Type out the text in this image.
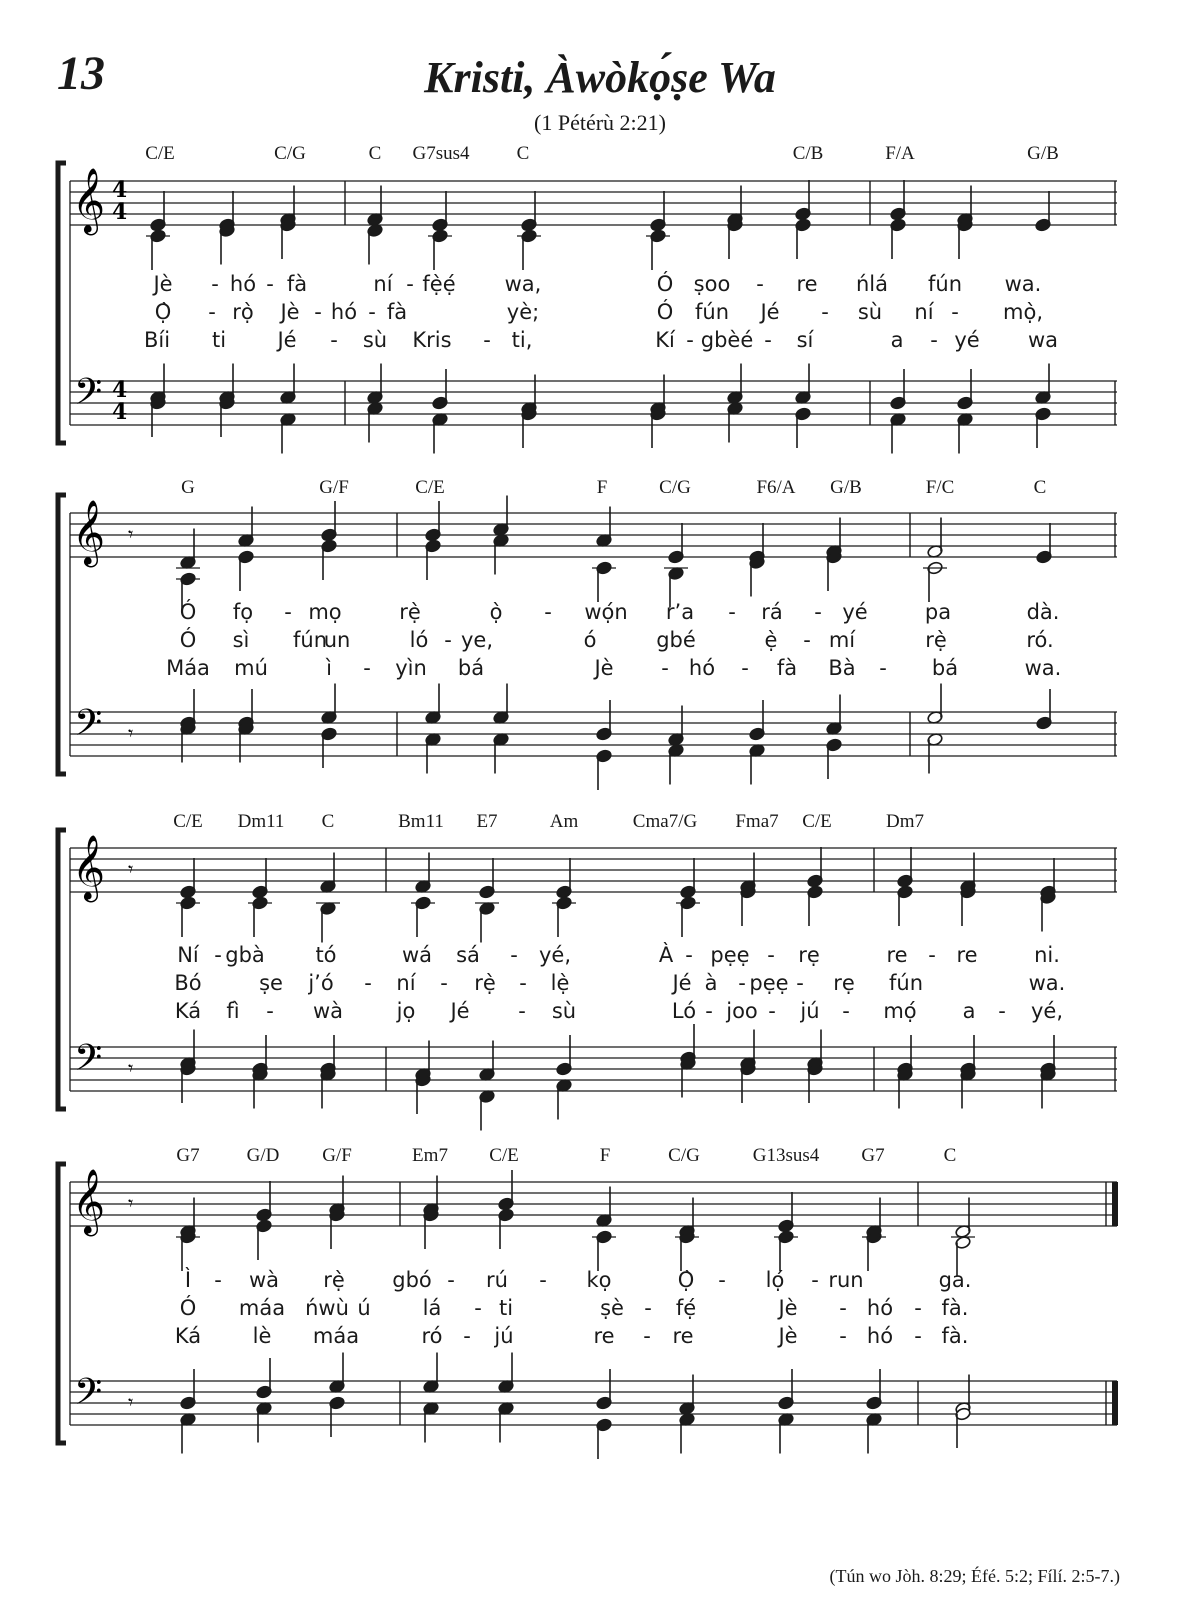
13	Kristi, Àwòkọ́ṣe Wa
(1 Pétérù 2:21)
𝄞
𝄢
4
4
4
4
𝄞
𝄢
𝄾
𝄾
𝄞
𝄢
𝄾
𝄾
𝄞
𝄢
𝄾
𝄾
C/E	C/G	C G7sus4 C	C/B	F/A	G/B
Jè - hó - fà	ní - fẹ̀ẹ́ wa,	Ó ṣoo - re ńlá fún wa.
Ọ̀ - rọ̀ Jè - hó - fà	yè;	Ó fún Jé - sù ní - mọ̀,
Bíi ti Jé - sù Kris - ti,	Kí - gbèé - sí	a - yé wa
G	G/F	C/E	F	C/G	F6/A G/B	F/C	C
Ó fọ - mọ	rẹ̀	ọ̀ - wọ́n r’a - rá - yé	pa	dà.
Ó sì fún
un	ló - ye,	ó	gbé	ẹ̀ - mí	rẹ̀	ró.
Máa mú	ì - yìn bá	Jè - hó - fà Bà - bá	wa.
C/E Dm11 C	Bm11 E7	Am	Cma7/G Fma7 C/E	Dm7
Ní - gbà tó	wá sá - yé,	À - pẹẹ - rẹ	re - re	ni.
Bó	ṣe j’ó - ní - rẹ̀ - lẹ̀	Jé à - pẹẹ - rẹ fún	wa.
Ká fì - wà	jọ Jé - sù	Ló - joo - jú - mọ́ a - yé,
G7 G/D G/F	Em7 C/E	F	C/G	G13sus4 G7	C
Ì - wà rẹ̀ gbó - rú - kọ	Ọ̀ - lọ́ - run	ga.
Ó máa ńwù ú lá - ti	ṣè - fẹ́	Jè - hó - fà.
Ká lè máa	ró - jú	re - re	Jè - hó - fà.
(Tún wo Jòh. 8:29; Éfé. 5:2; Fílí. 2:5-7.)
